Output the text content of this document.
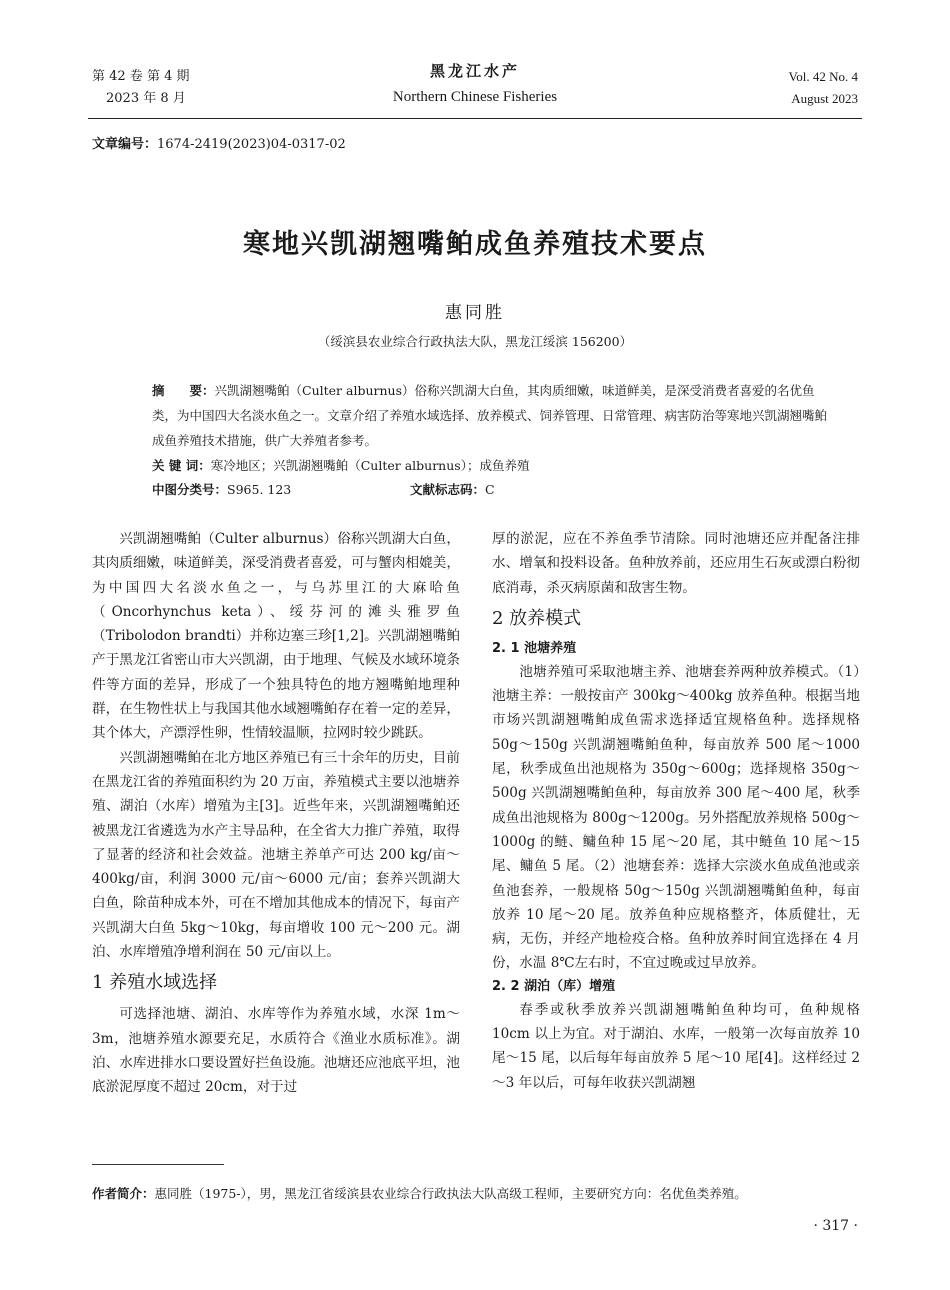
第 42 卷 第 4 期
2023 年 8 月
黑龙江水产
Northern Chinese Fisheries
Vol. 42 No. 4
August 2023
文章编号：1674-2419(2023)04-0317-02
寒地兴凯湖翘嘴鲌成鱼养殖技术要点
惠同胜
（绥滨县农业综合行政执法大队，黑龙江绥滨 156200）

摘　　要：兴凯湖翘嘴鲌（Culter alburnus）俗称兴凯湖大白鱼，其肉质细嫩，味道鲜美，是深受消费者喜爱的名优鱼类，为中国四大名淡水鱼之一。文章介绍了养殖水域选择、放养模式、饲养管理、日常管理、病害防治等寒地兴凯湖翘嘴鲌成鱼养殖技术措施，供广大养殖者参考。

关 键 词：寒冷地区；兴凯湖翘嘴鲌（Culter alburnus）；成鱼养殖
中图分类号：S965. 123	文献标志码：C

兴凯湖翘嘴鲌（Culter alburnus）俗称兴凯湖大白鱼，其肉质细嫩，味道鲜美，深受消费者喜爱，可与蟹肉相媲美，为中国四大名淡水鱼之一，与乌苏里江的大麻哈鱼（Oncorhynchus keta）、绥芬河的滩头雅罗鱼（Tribolodon brandti）并称边塞三珍[1,2]。兴凯湖翘嘴鲌产于黑龙江省密山市大兴凯湖，由于地理、气候及水域环境条件等方面的差异，形成了一个独具特色的地方翘嘴鲌地理种群，在生物性状上与我国其他水域翘嘴鲌存在着一定的差异，其个体大，产漂浮性卵，性情较温顺，拉网时较少跳跃。

兴凯湖翘嘴鲌在北方地区养殖已有三十余年的历史，目前在黑龙江省的养殖面积约为 20 万亩，养殖模式主要以池塘养殖、湖泊（水库）增殖为主[3]。近些年来，兴凯湖翘嘴鲌还被黑龙江省遴选为水产主导品种，在全省大力推广养殖，取得了显著的经济和社会效益。池塘主养单产可达 200 kg/亩～400kg/亩，利润 3000 元/亩～6000 元/亩；套养兴凯湖大白鱼，除苗种成本外，可在不增加其他成本的情况下，每亩产兴凯湖大白鱼 5kg～10kg，每亩增收 100 元～200 元。湖泊、水库增殖净增利润在 50 元/亩以上。

1 养殖水域选择

可选择池塘、湖泊、水库等作为养殖水域，水深 1m～3m，池塘养殖水源要充足，水质符合《渔业水质标准》。湖泊、水库进排水口要设置好拦鱼设施。池塘还应池底平坦，池底淤泥厚度不超过 20cm，对于过

厚的淤泥，应在不养鱼季节清除。同时池塘还应并配备注排水、增氧和投料设备。鱼种放养前，还应用生石灰或漂白粉彻底消毒，杀灭病原菌和敌害生物。

2 放养模式

2. 1 池塘养殖

池塘养殖可采取池塘主养、池塘套养两种放养模式。（1）池塘主养：一般按亩产 300kg～400kg 放养鱼种。根据当地市场兴凯湖翘嘴鲌成鱼需求选择适宜规格鱼种。选择规格 50g～150g 兴凯湖翘嘴鲌鱼种，每亩放养 500 尾～1000 尾，秋季成鱼出池规格为 350g～600g；选择规格 350g～500g 兴凯湖翘嘴鲌鱼种，每亩放养 300 尾～400 尾，秋季成鱼出池规格为 800g～1200g。另外搭配放养规格 500g～1000g 的鲢、鳙鱼种 15 尾～20 尾，其中鲢鱼 10 尾～15 尾、鳙鱼 5 尾。（2）池塘套养：选择大宗淡水鱼成鱼池或亲鱼池套养，一般规格 50g～150g 兴凯湖翘嘴鲌鱼种，每亩放养 10 尾～20 尾。放养鱼种应规格整齐，体质健壮，无病，无伤，并经产地检疫合格。鱼种放养时间宜选择在 4 月份，水温 8℃左右时，不宜过晚或过早放养。

2. 2 湖泊（库）增殖

春季或秋季放养兴凯湖翘嘴鲌鱼种均可，鱼种规格 10cm 以上为宜。对于湖泊、水库，一般第一次每亩放养 10 尾～15 尾，以后每年每亩放养 5 尾～10 尾[4]。这样经过 2～3 年以后，可每年收获兴凯湖翘

作者简介：惠同胜（1975-），男，黑龙江省绥滨县农业综合行政执法大队高级工程师，主要研究方向：名优鱼类养殖。
· 317 ·
